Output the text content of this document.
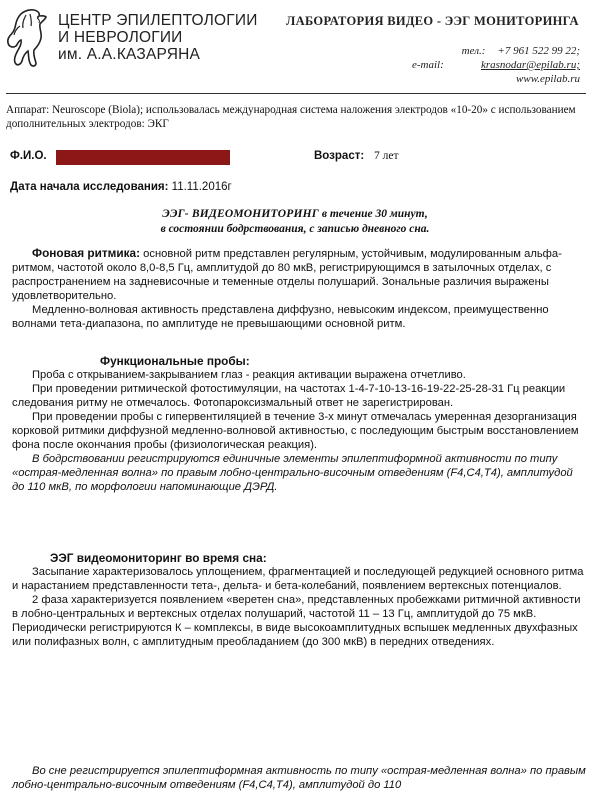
ЦЕНТР ЭПИЛЕПТОЛОГИИ
И НЕВРОЛОГИИ
им. А.А.КАЗАРЯНА
ЛАБОРАТОРИЯ ВИДЕО - ЭЭГ МОНИТОРИНГА
тел.: +7 961 522 99 22;
e-mail:	krasnodar@epilab.ru;
www.epilab.ru
Аппарат: Neuroscope (Biola); использовалась международная система наложения электродов «10-20» с использованием дополнительных электродов: ЭКГ
Ф.И.О.	Возраст: 7 лет
Дата начала исследования: 11.11.2016г
ЭЭГ- ВИДЕОМОНИТОРИНГ в течение 30 минут,
в состоянии бодрствования, с записью дневного сна.

Фоновая ритмика: основной ритм представлен регулярным, устойчивым, модулированным альфа-ритмом, частотой около 8,0-8,5 Гц, амплитудой до 80 мкВ, регистрирующимся в затылочных отделах, с распространением на задневисочные и теменные отделы полушарий. Зональные различия выражены удовлетворительно.

Медленно-волновая активность представлена диффузно, невысоким индексом, преимущественно волнами тета-диапазона, по амплитуде не превышающими основной ритм.

Функциональные пробы:

Проба с открыванием-закрыванием глаз - реакция активации выражена отчетливо.

При проведении ритмической фотостимуляции, на частотах 1-4-7-10-13-16-19-22-25-28-31 Гц реакции следования ритму не отмечалось. Фотопароксизмальный ответ не зарегистрирован.

При проведении пробы с гипервентиляцией в течение 3-х минут отмечалась умеренная дезорганизация корковой ритмики диффузной медленно-волновой активностью, с последующим быстрым восстановлением фона после окончания пробы (физиологическая реакция).

В бодрствовании регистрируются единичные элементы эпилептиформной активности по типу «острая-медленная волна» по правым лобно-центрально-височным отведениям (F4,C4,T4), амплитудой до 110 мкВ, по морфологии напоминающие ДЭРД.

ЭЭГ видеомониторинг во время сна:

Засыпание характеризовалось уплощением, фрагментацией и последующей редукцией основного ритма и нарастанием представленности тета-, дельта- и бета-колебаний, появлением вертексных потенциалов.

2 фаза характеризуется появлением «веретен сна», представленных пробежками ритмичной активности в лобно-центральных и вертексных отделах полушарий, частотой 11 – 13 Гц, амплитудой до 75 мкВ. Периодически регистрируются К – комплексы, в виде высокоамплитудных вспышек медленных двухфазных или полифазных волн, с амплитудным преобладанием (до 300 мкВ) в передних отведениях.

Во сне регистрируется эпилептиформная активность по типу «острая-медленная волна» по правым лобно-центрально-височным отведениям (F4,C4,T4), амплитудой до 110
